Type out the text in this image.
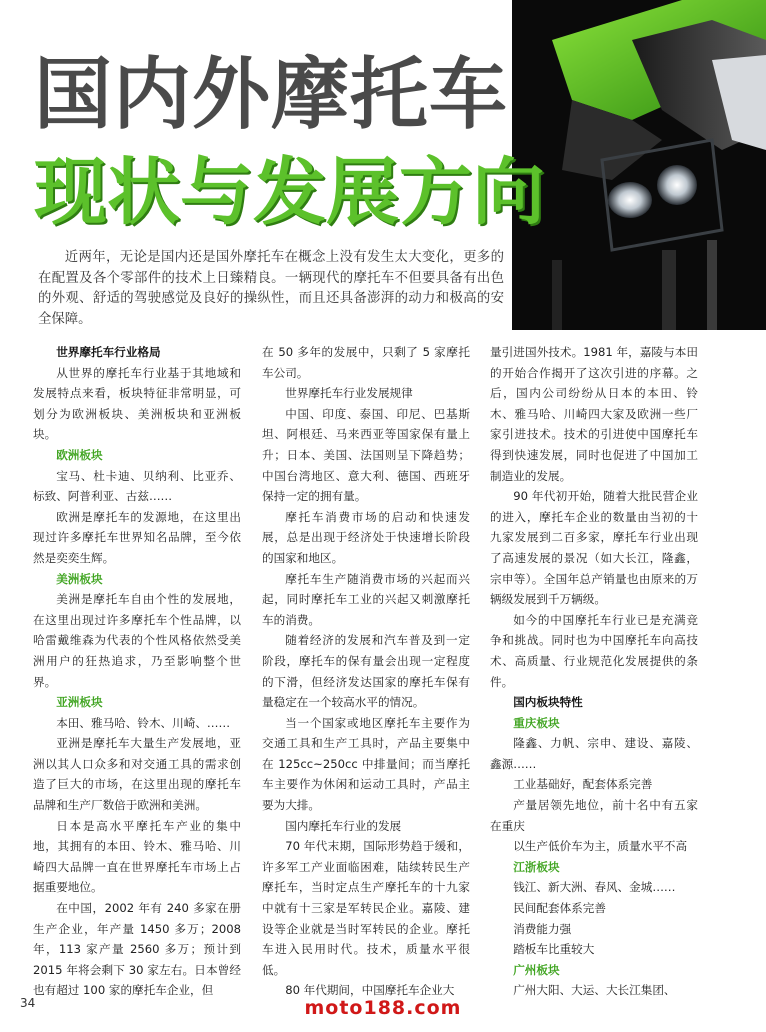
国内外摩托车
现状与发展方向

近两年，无论是国内还是国外摩托车在概念上没有发生太大变化，更多的在配置及各个零部件的技术上日臻精良。一辆现代的摩托车不但要具备有出色的外观、舒适的驾驶感觉及良好的操纵性，而且还具备澎湃的动力和极高的安全保障。

世界摩托车行业格局

从世界的摩托车行业基于其地域和发展特点来看，板块特征非常明显，可划分为欧洲板块、美洲板块和亚洲板块。

欧洲板块

宝马、杜卡迪、贝纳利、比亚乔、标致、阿普利亚、古兹……

欧洲是摩托车的发源地，在这里出现过许多摩托车世界知名品牌，至今依然是奕奕生辉。

美洲板块

美洲是摩托车自由个性的发展地，在这里出现过许多摩托车个性品牌，以哈雷戴维森为代表的个性风格依然受美洲用户的狂热追求，乃至影响整个世界。

亚洲板块

本田、雅马哈、铃木、川崎、……

亚洲是摩托车大量生产发展地，亚洲以其人口众多和对交通工具的需求创造了巨大的市场，在这里出现的摩托车品牌和生产厂数倍于欧洲和美洲。

日本是高水平摩托车产业的集中地，其拥有的本田、铃木、雅马哈、川崎四大品牌一直在世界摩托车市场上占据重要地位。

在中国，2002 年有 240 多家在册生产企业，年产量 1450 多万；2008 年，113 家产量 2560 多万；预计到 2015 年将会剩下 30 家左右。日本曾经也有超过 100 家的摩托车企业，但

在 50 多年的发展中，只剩了 5 家摩托车公司。

世界摩托车行业发展规律

中国、印度、泰国、印尼、巴基斯坦、阿根廷、马来西亚等国家保有量上升；日本、美国、法国则呈下降趋势；中国台湾地区、意大利、德国、西班牙保持一定的拥有量。

摩托车消费市场的启动和快速发展，总是出现于经济处于快速增长阶段的国家和地区。

摩托车生产随消费市场的兴起而兴起，同时摩托车工业的兴起又刺激摩托车的消费。

随着经济的发展和汽车普及到一定阶段，摩托车的保有量会出现一定程度的下滑，但经济发达国家的摩托车保有量稳定在一个较高水平的情况。

当一个国家或地区摩托车主要作为交通工具和生产工具时，产品主要集中在 125cc~250cc 中排量间；而当摩托车主要作为休闲和运动工具时，产品主要为大排。

国内摩托车行业的发展

70 年代末期，国际形势趋于缓和，许多军工产业面临困难，陆续转民生产摩托车，当时定点生产摩托车的十九家中就有十三家是军转民企业。嘉陵、建设等企业就是当时军转民的企业。摩托车进入民用时代。技术，质量水平很低。

80 年代期间，中国摩托车企业大

量引进国外技术。1981 年，嘉陵与本田的开始合作揭开了这次引进的序幕。之后，国内公司纷纷从日本的本田、铃木、雅马哈、川崎四大家及欧洲一些厂家引进技术。技术的引进使中国摩托车得到快速发展，同时也促进了中国加工制造业的发展。

90 年代初开始，随着大批民营企业的进入，摩托车企业的数量由当初的十九家发展到二百多家，摩托车行业出现了高速发展的景况（如大长江，隆鑫，宗申等）。全国年总产销量也由原来的万辆级发展到千万辆级。

如今的中国摩托车行业已是充满竞争和挑战。同时也为中国摩托车向高技术、高质量、行业规范化发展提供的条件。

国内板块特性

重庆板块

隆鑫、力帆、宗申、建设、嘉陵、鑫源……

工业基础好，配套体系完善

产量居领先地位，前十名中有五家在重庆

以生产低价车为主，质量水平不高

江浙板块

钱江、新大洲、春风、金城……

民间配套体系完善

消费能力强

踏板车比重较大

广州板块

广州大阳、大运、大长江集团、

34	moto188.com
